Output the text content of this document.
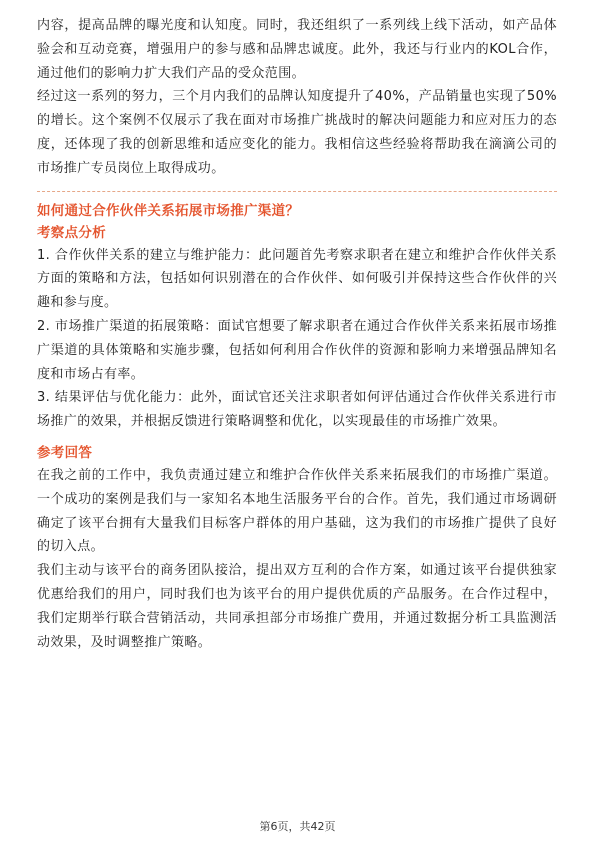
内容，提高品牌的曝光度和认知度。同时，我还组织了一系列线上线下活动，如产品体验会和互动竞赛，增强用户的参与感和品牌忠诚度。此外，我还与行业内的KOL合作，通过他们的影响力扩大我们产品的受众范围。

经过这一系列的努力，三个月内我们的品牌认知度提升了40%，产品销量也实现了50%的增长。这个案例不仅展示了我在面对市场推广挑战时的解决问题能力和应对压力的态度，还体现了我的创新思维和适应变化的能力。我相信这些经验将帮助我在滴滴公司的市场推广专员岗位上取得成功。

如何通过合作伙伴关系拓展市场推广渠道？

考察点分析

1. 合作伙伴关系的建立与维护能力：此问题首先考察求职者在建立和维护合作伙伴关系方面的策略和方法，包括如何识别潜在的合作伙伴、如何吸引并保持这些合作伙伴的兴趣和参与度。

2. 市场推广渠道的拓展策略：面试官想要了解求职者在通过合作伙伴关系来拓展市场推广渠道的具体策略和实施步骤，包括如何利用合作伙伴的资源和影响力来增强品牌知名度和市场占有率。

3. 结果评估与优化能力：此外，面试官还关注求职者如何评估通过合作伙伴关系进行市场推广的效果，并根据反馈进行策略调整和优化，以实现最佳的市场推广效果。

参考回答

在我之前的工作中，我负责通过建立和维护合作伙伴关系来拓展我们的市场推广渠道。一个成功的案例是我们与一家知名本地生活服务平台的合作。首先，我们通过市场调研确定了该平台拥有大量我们目标客户群体的用户基础，这为我们的市场推广提供了良好的切入点。

我们主动与该平台的商务团队接洽，提出双方互利的合作方案，如通过该平台提供独家优惠给我们的用户，同时我们也为该平台的用户提供优质的产品服务。在合作过程中，我们定期举行联合营销活动，共同承担部分市场推广费用，并通过数据分析工具监测活动效果，及时调整推广策略。

第6页，共42页
